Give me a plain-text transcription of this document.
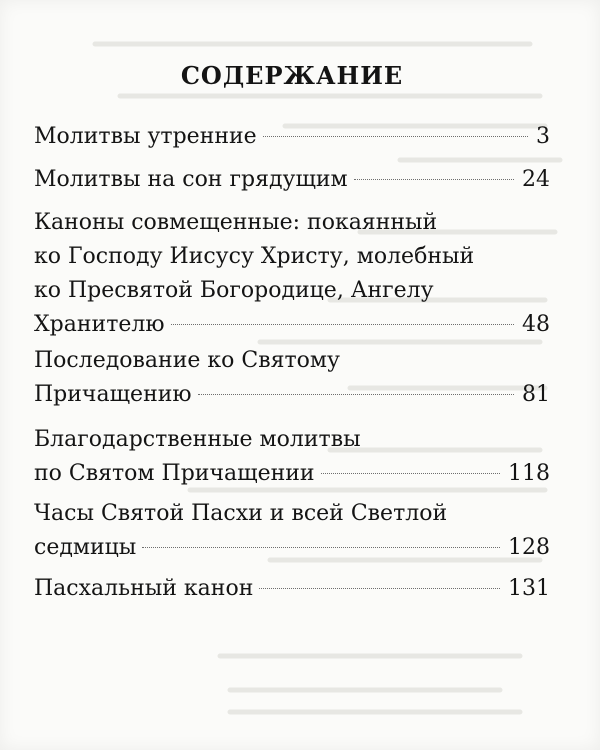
СОДЕРЖАНИЕ
Молитвы утренние	3
Молитвы на сон грядущим	24
Каноны совмещенные: покаянный
ко Господу Иисусу Христу, молебный
ко Пресвятой Богородице, Ангелу
Хранителю	48
Последование ко Святому
Причащению	81
Благодарственные молитвы
по Святом Причащении	118
Часы Святой Пасхи и всей Светлой
седмицы	128
Пасхальный канон	131
